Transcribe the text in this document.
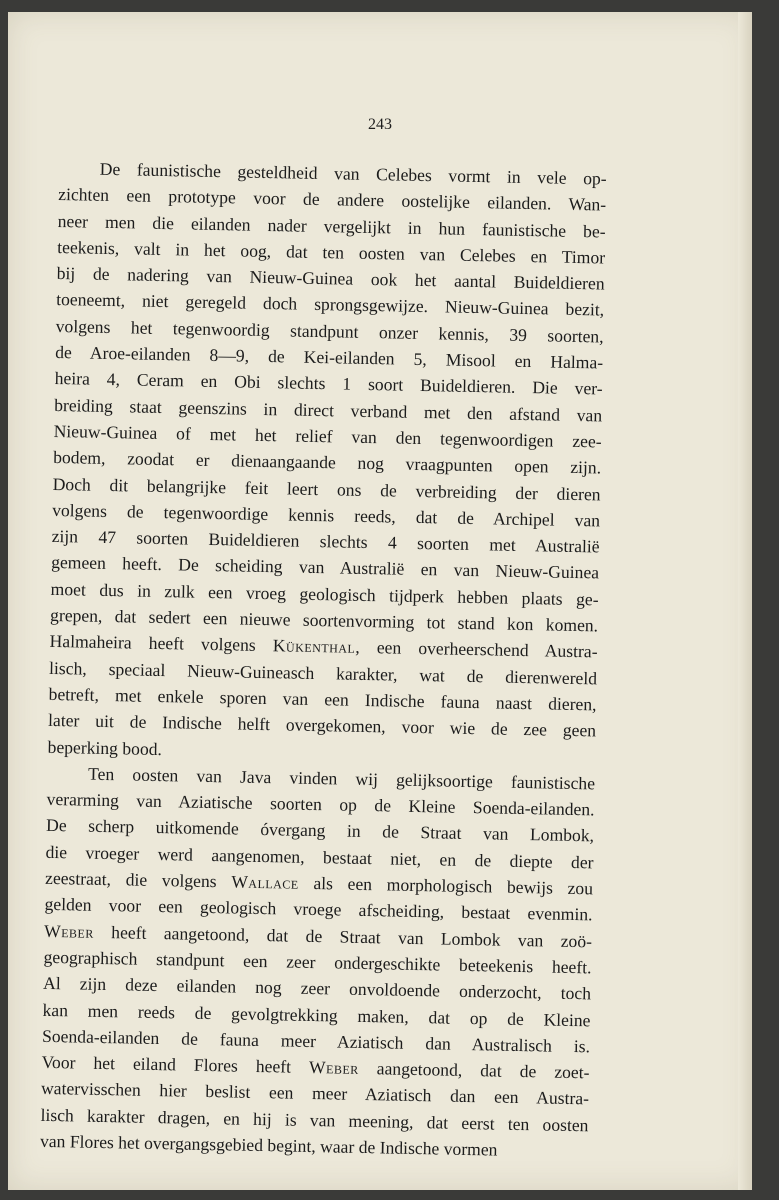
243
De faunistische gesteldheid van Celebes vormt in vele op-
zichten een prototype voor de andere oostelijke eilanden. Wan-
neer men die eilanden nader vergelijkt in hun faunistische be-
teekenis, valt in het oog, dat ten oosten van Celebes en Timor
bij de nadering van Nieuw-Guinea ook het aantal Buideldieren
toeneemt, niet geregeld doch sprongsgewijze. Nieuw-Guinea bezit,
volgens het tegenwoordig standpunt onzer kennis, 39 soorten,
de Aroe-eilanden 8—9, de Kei-eilanden 5, Misool en Halma-
heira 4, Ceram en Obi slechts 1 soort Buideldieren. Die ver-
breiding staat geenszins in direct verband met den afstand van
Nieuw-Guinea of met het relief van den tegenwoordigen zee-
bodem, zoodat er dienaangaande nog vraagpunten open zijn.
Doch dit belangrijke feit leert ons de verbreiding der dieren
volgens de tegenwoordige kennis reeds, dat de Archipel van
zijn 47 soorten Buideldieren slechts 4 soorten met Australië
gemeen heeft. De scheiding van Australië en van Nieuw-Guinea
moet dus in zulk een vroeg geologisch tijdperk hebben plaats ge-
grepen, dat sedert een nieuwe soortenvorming tot stand kon komen.
Halmaheira heeft volgens Kükenthal, een overheerschend Austra-
lisch, speciaal Nieuw-Guineasch karakter, wat de dierenwereld
betreft, met enkele sporen van een Indische fauna naast dieren,
later uit de Indische helft overgekomen, voor wie de zee geen
beperking bood.
Ten oosten van Java vinden wij gelijksoortige faunistische
verarming van Aziatische soorten op de Kleine Soenda-eilanden.
De scherp uitkomende óvergang in de Straat van Lombok,
die vroeger werd aangenomen, bestaat niet, en de diepte der
zeestraat, die volgens Wallace als een morphologisch bewijs zou
gelden voor een geologisch vroege afscheiding, bestaat evenmin.
Weber heeft aangetoond, dat de Straat van Lombok van zoö-
geographisch standpunt een zeer ondergeschikte beteekenis heeft.
Al zijn deze eilanden nog zeer onvoldoende onderzocht, toch
kan men reeds de gevolgtrekking maken, dat op de Kleine
Soenda-eilanden de fauna meer Aziatisch dan Australisch is.
Voor het eiland Flores heeft Weber aangetoond, dat de zoet-
watervisschen hier beslist een meer Aziatisch dan een Austra-
lisch karakter dragen, en hij is van meening, dat eerst ten oosten
van Flores het overgangsgebied begint, waar de Indische vormen
